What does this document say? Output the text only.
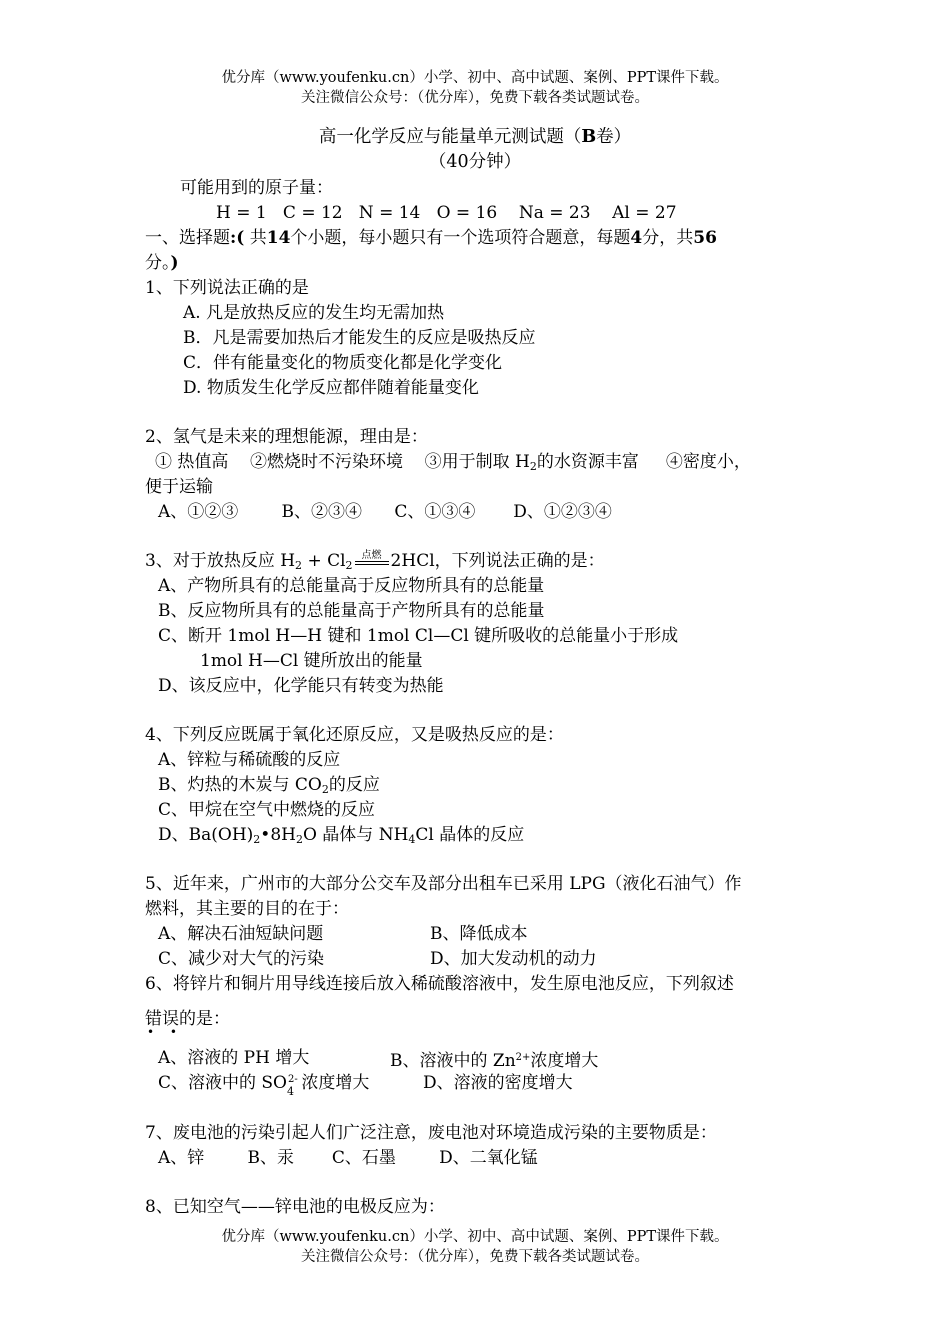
优分库（www.youfenku.cn）小学、初中、高中试题、案例、PPT课件下载。
关注微信公众号：（优分库），免费下载各类试题试卷。
高一化学反应与能量单元测试题（B卷）
（40分钟）
可能用到的原子量：
H = 1   C = 12   N = 14   O = 16    Na = 23    Al = 27
一、选择题:( 共14个小题，每小题只有一个选项符合题意，每题4分，共56
分。)
1、下列说法正确的是
A. 凡是放热反应的发生均无需加热
B．凡是需要加热后才能发生的反应是吸热反应
C．伴有能量变化的物质变化都是化学变化
D. 物质发生化学反应都伴随着能量变化
2、氢气是未来的理想能源，理由是：
① 热值高    ②燃烧时不污染环境    ③用于制取 $H_2$的水资源丰富     ④密度小，
便于运输
A、①②③        B、②③④      C、①③④       D、①②③④
3、对于放热反应 $H_2 + Cl_2$
点燃 2HCl，下列说法正确的是：
A、产物所具有的总能量高于反应物所具有的总能量
B、反应物所具有的总能量高于产物所具有的总能量
C、断开 1mol H—H 键和 1mol Cl—Cl 键所吸收的总能量小于形成
1mol H—Cl 键所放出的能量
D、该反应中，化学能只有转变为热能
4、下列反应既属于氧化还原反应，又是吸热反应的是：
A、锌粒与稀硫酸的反应
B、灼热的木炭与 $CO_2$的反应
C、甲烷在空气中燃烧的反应
D、$Ba(OH)_2•8H_2O$ 晶体与 $NH_4Cl$ 晶体的反应
5、近年来，广州市的大部分公交车及部分出租车已采用 LPG（液化石油气）作
燃料，其主要的目的在于：
A、解决石油短缺问题	B、降低成本
C、减少对大气的污染	D、加大发动机的动力
6、将锌片和铜片用导线连接后放入稀硫酸溶液中，发生原电池反应，下列叙述
错误的是：
• •
A、溶液的 PH 增大	B、溶液中的 $Zn^{2+}$浓度增大
C、溶液中的 SO 4
2-
浓度增大	D、溶液的密度增大
7、废电池的污染引起人们广泛注意，废电池对环境造成污染的主要物质是：
A、锌        B、汞       C、石墨        D、二氧化锰
8、已知空气——锌电池的电极反应为：
优分库（www.youfenku.cn）小学、初中、高中试题、案例、PPT课件下载。
关注微信公众号：（优分库），免费下载各类试题试卷。
